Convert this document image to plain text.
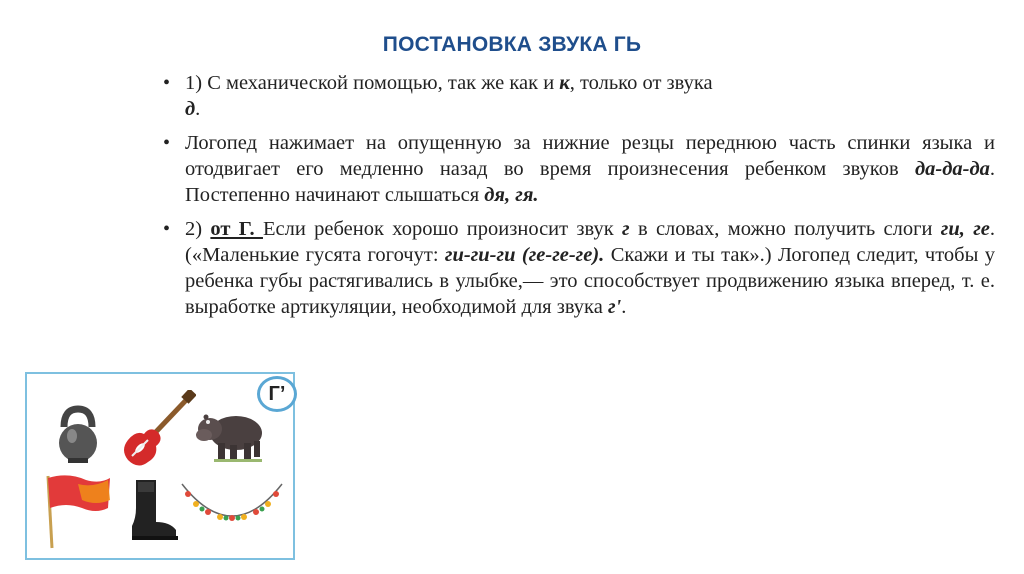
ПОСТАНОВКА ЗВУКА ГЬ
• 1) С механической помощью, так же как и к, только от звука
д.
• Логопед нажимает на опущенную за нижние резцы переднюю часть спинки языка и отодвигает его медленно назад во время произнесения ребенком звуков да-да-да. Постепенно начинают слышаться дя, гя.
• 2) от Г. Если ребенок хорошо произносит звук г в словах, можно получить слоги ги, ге. («Маленькие гусята гогочут: ги-ги-ги (ге-ге-ге). Скажи и ты так».) Логопед следит, чтобы у ребенка губы растягивались в улыбке,— это способствует продвижению языка вперед, т. е. выработке артикуляции, необходимой для звука г'.
Г’
